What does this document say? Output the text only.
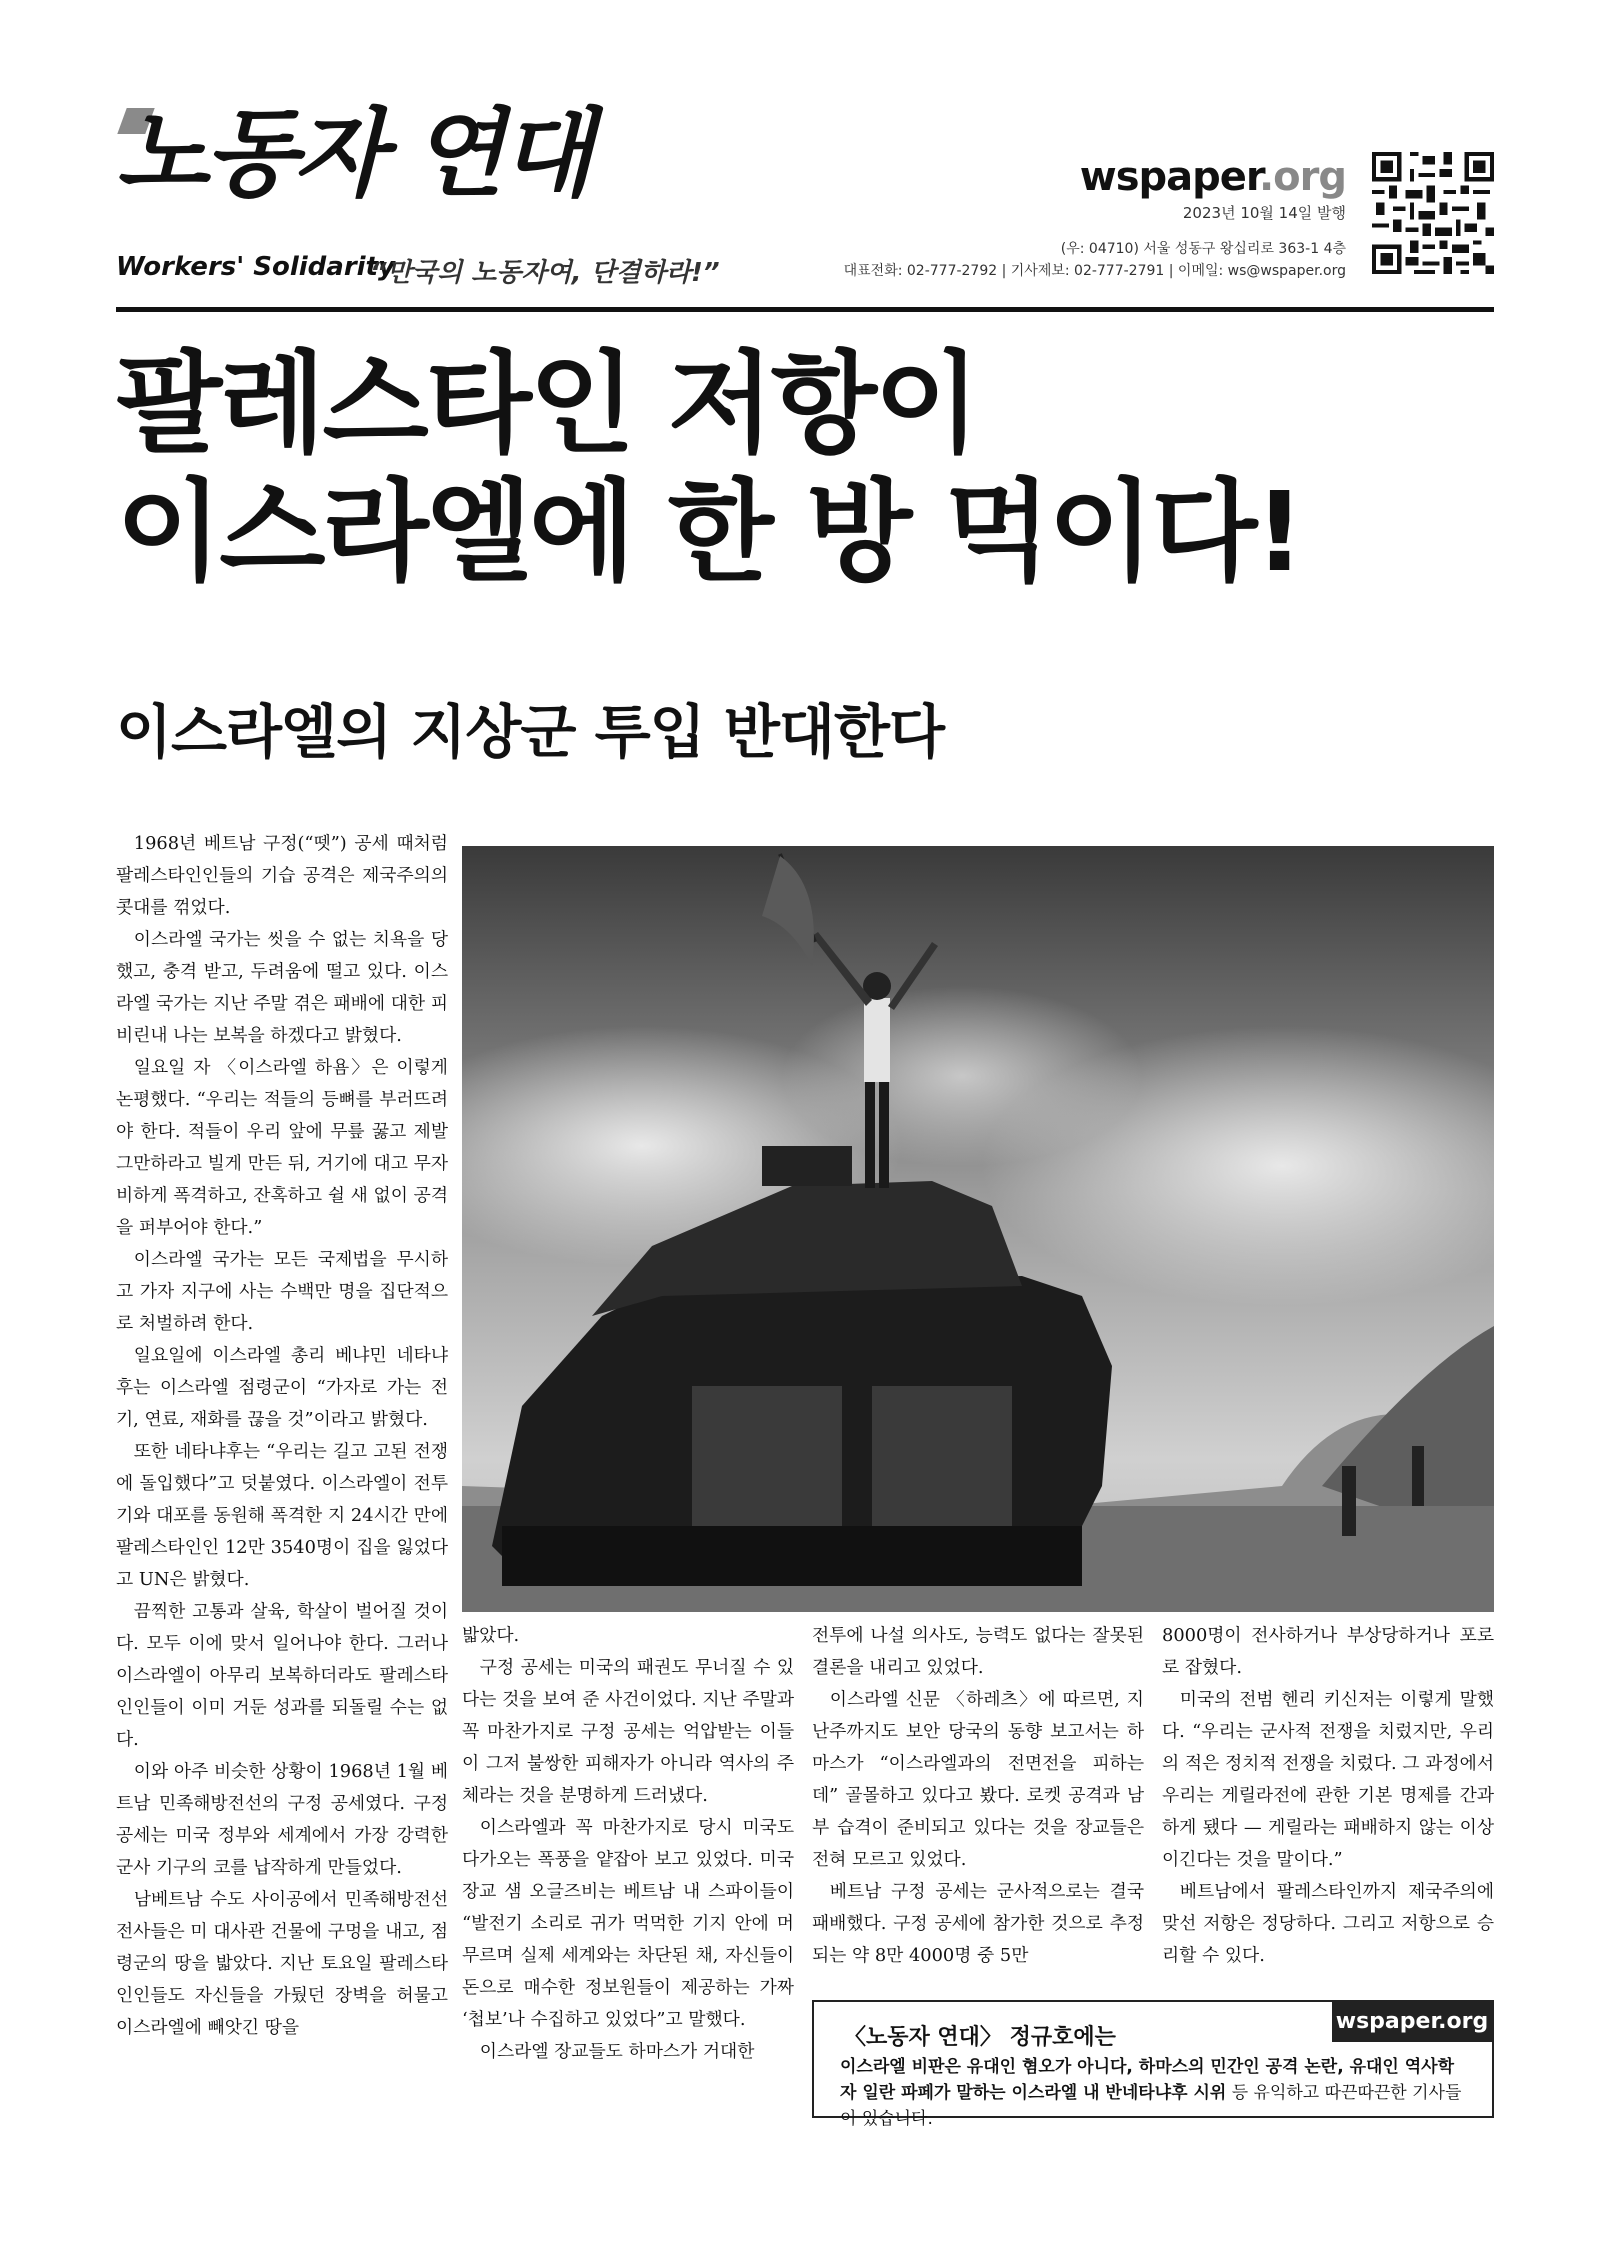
노동자 연대
Workers' Solidarity
“만국의 노동자여, 단결하라!”
wspaper.org
2023년 10월 14일 발행
(우: 04710) 서울 성동구 왕십리로 363-1 4층
대표전화: 02-777-2792 | 기사제보: 02-777-2791 | 이메일: ws@wspaper.org
팔레스타인 저항이
이스라엘에 한 방 먹이다!
이스라엘의 지상군 투입 반대한다

1968년 베트남 구정(“뗏”) 공세 때처럼 팔레스타인인들의 기습 공격은 제국주의의 콧대를 꺾었다.

이스라엘 국가는 씻을 수 없는 치욕을 당했고, 충격 받고, 두려움에 떨고 있다. 이스라엘 국가는 지난 주말 겪은 패배에 대한 피비린내 나는 보복을 하겠다고 밝혔다.

일요일 자 〈이스라엘 하욤〉은 이렇게 논평했다. “우리는 적들의 등뼈를 부러뜨려야 한다. 적들이 우리 앞에 무릎 꿇고 제발 그만하라고 빌게 만든 뒤, 거기에 대고 무자비하게 폭격하고, 잔혹하고 쉴 새 없이 공격을 퍼부어야 한다.”

이스라엘 국가는 모든 국제법을 무시하고 가자 지구에 사는 수백만 명을 집단적으로 처벌하려 한다.

일요일에 이스라엘 총리 베냐민 네타냐후는 이스라엘 점령군이 “가자로 가는 전기, 연료, 재화를 끊을 것”이라고 밝혔다.

또한 네타냐후는 “우리는 길고 고된 전쟁에 돌입했다”고 덧붙였다. 이스라엘이 전투기와 대포를 동원해 폭격한 지 24시간 만에 팔레스타인인 12만 3540명이 집을 잃었다고 UN은 밝혔다.

끔찍한 고통과 살육, 학살이 벌어질 것이다. 모두 이에 맞서 일어나야 한다. 그러나 이스라엘이 아무리 보복하더라도 팔레스타인인들이 이미 거둔 성과를 되돌릴 수는 없다.

이와 아주 비슷한 상황이 1968년 1월 베트남 민족해방전선의 구정 공세였다. 구정 공세는 미국 정부와 세계에서 가장 강력한 군사 기구의 코를 납작하게 만들었다.

남베트남 수도 사이공에서 민족해방전선 전사들은 미 대사관 건물에 구멍을 내고, 점령군의 땅을 밟았다. 지난 토요일 팔레스타인인들도 자신들을 가뒀던 장벽을 허물고 이스라엘에 빼앗긴 땅을

밟았다.

구정 공세는 미국의 패권도 무너질 수 있다는 것을 보여 준 사건이었다. 지난 주말과 꼭 마찬가지로 구정 공세는 억압받는 이들이 그저 불쌍한 피해자가 아니라 역사의 주체라는 것을 분명하게 드러냈다.

이스라엘과 꼭 마찬가지로 당시 미국도 다가오는 폭풍을 얕잡아 보고 있었다. 미국 장교 샘 오글즈비는 베트남 내 스파이들이 “발전기 소리로 귀가 먹먹한 기지 안에 머무르며 실제 세계와는 차단된 채, 자신들이 돈으로 매수한 정보원들이 제공하는 가짜 ‘첩보’나 수집하고 있었다”고 말했다.

이스라엘 장교들도 하마스가 거대한

전투에 나설 의사도, 능력도 없다는 잘못된 결론을 내리고 있었다.

이스라엘 신문 〈하레츠〉에 따르면, 지난주까지도 보안 당국의 동향 보고서는 하마스가 “이스라엘과의 전면전을 피하는 데” 골몰하고 있다고 봤다. 로켓 공격과 남부 습격이 준비되고 있다는 것을 장교들은 전혀 모르고 있었다.

베트남 구정 공세는 군사적으로는 결국 패배했다. 구정 공세에 참가한 것으로 추정되는 약 8만 4000명 중 5만

8000명이 전사하거나 부상당하거나 포로로 잡혔다.

미국의 전범 헨리 키신저는 이렇게 말했다. “우리는 군사적 전쟁을 치렀지만, 우리의 적은 정치적 전쟁을 치렀다. 그 과정에서 우리는 게릴라전에 관한 기본 명제를 간과하게 됐다 — 게릴라는 패배하지 않는 이상 이긴다는 것을 말이다.”

베트남에서 팔레스타인까지 제국주의에 맞선 저항은 정당하다. 그리고 저항으로 승리할 수 있다.

〈노동자 연대〉 정규호에는
wspaper.org

이스라엘 비판은 유대인 혐오가 아니다, 하마스의 민간인 공격 논란, 유대인 역사학자 일란 파페가 말하는 이스라엘 내 반네타냐후 시위 등 유익하고 따끈따끈한 기사들이 있습니다.
